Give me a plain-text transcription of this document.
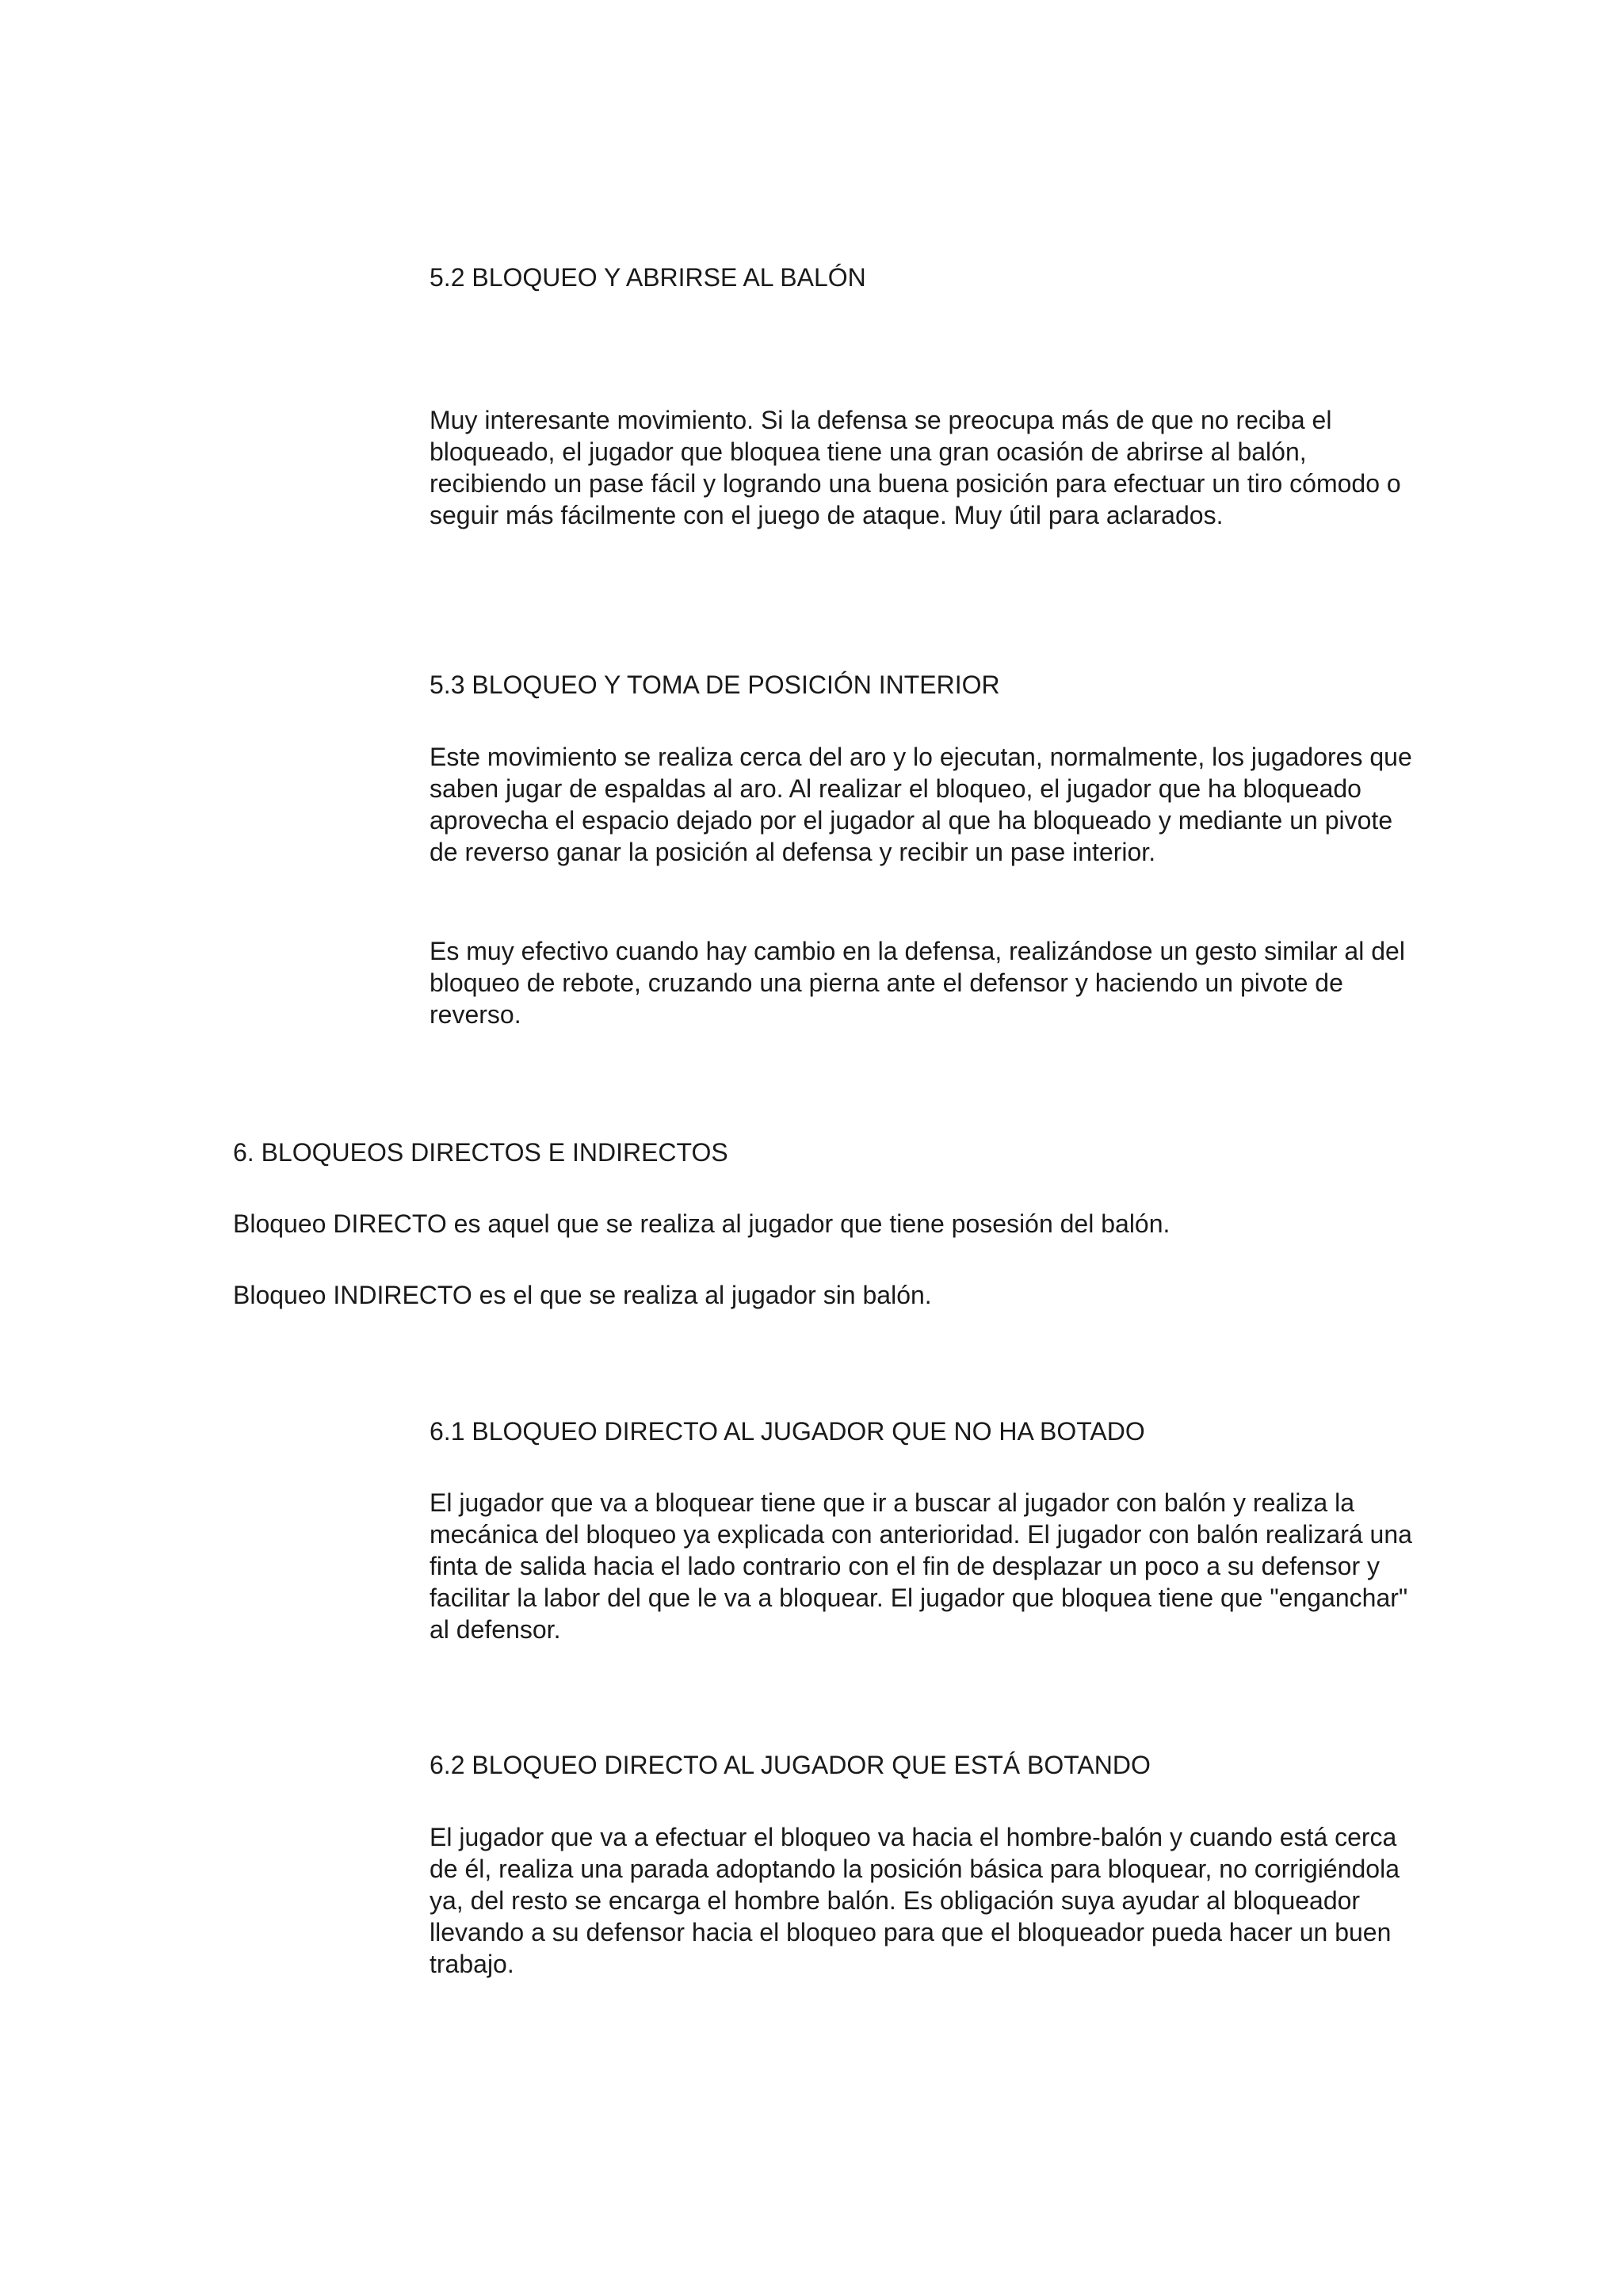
5.2 BLOQUEO Y ABRIRSE AL BALÓN

Muy interesante movimiento. Si la defensa se preocupa más de que no reciba el bloqueado, el jugador que bloquea tiene una gran ocasión de abrirse al balón, recibiendo un pase fácil y logrando una buena posición para efectuar un tiro cómodo o seguir más fácilmente con el juego de ataque. Muy útil para aclarados.

5.3 BLOQUEO Y TOMA DE POSICIÓN INTERIOR

Este movimiento se realiza cerca del aro y lo ejecutan, normalmente, los jugadores que saben jugar de espaldas al aro. Al realizar el bloqueo, el jugador que ha bloqueado aprovecha el espacio dejado por el jugador al que ha bloqueado y mediante un pivote de reverso ganar la posición al defensa y recibir un pase interior.

Es muy efectivo cuando hay cambio en la defensa, realizándose un gesto similar al del bloqueo de rebote, cruzando una pierna ante el defensor y haciendo un pivote de reverso.

6. BLOQUEOS DIRECTOS E INDIRECTOS

Bloqueo DIRECTO es aquel que se realiza al jugador que tiene posesión del balón.

Bloqueo INDIRECTO es el que se realiza al jugador sin balón.

6.1 BLOQUEO DIRECTO AL JUGADOR QUE NO HA BOTADO

El jugador que va a bloquear tiene que ir a buscar al jugador con balón y realiza la mecánica del bloqueo ya explicada con anterioridad. El jugador con balón realizará una finta de salida hacia el lado contrario con el fin de desplazar un poco a su defensor y facilitar la labor del que le va a bloquear. El jugador que bloquea tiene que "enganchar" al defensor.

6.2 BLOQUEO DIRECTO AL JUGADOR QUE ESTÁ BOTANDO

El jugador que va a efectuar el bloqueo va hacia el hombre-balón y cuando está cerca de él, realiza una parada adoptando la posición básica para bloquear, no corrigiéndola ya, del resto se encarga el hombre balón. Es obligación suya ayudar al bloqueador llevando a su defensor hacia el bloqueo para que el bloqueador pueda hacer un buen trabajo.
